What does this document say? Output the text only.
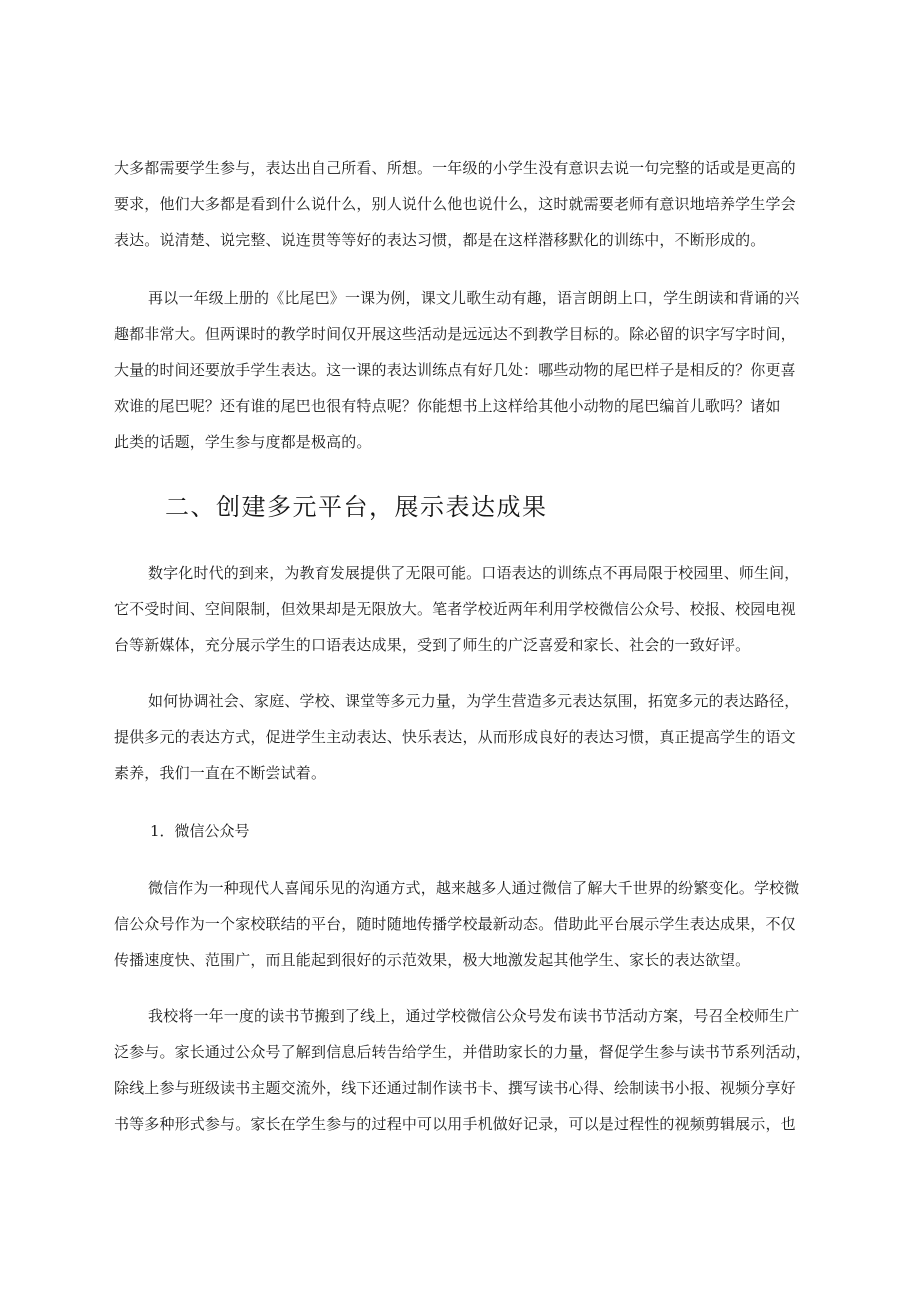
大多都需要学生参与，表达出自己所看、所想。一年级的小学生没有意识去说一句完整的话或是更高的
要求，他们大多都是看到什么说什么，别人说什么他也说什么，这时就需要老师有意识地培养学生学会
表达。说清楚、说完整、说连贯等等好的表达习惯，都是在这样潜移默化的训练中，不断形成的。
再以一年级上册的《比尾巴》一课为例，课文儿歌生动有趣，语言朗朗上口，学生朗读和背诵的兴
趣都非常大。但两课时的教学时间仅开展这些活动是远远达不到教学目标的。除必留的识字写字时间，
大量的时间还要放手学生表达。这一课的表达训练点有好几处：哪些动物的尾巴样子是相反的？你更喜
欢谁的尾巴呢？还有谁的尾巴也很有特点呢？你能想书上这样给其他小动物的尾巴编首儿歌吗？诸如
此类的话题，学生参与度都是极高的。
二、创建多元平台，展示表达成果
数字化时代的到来，为教育发展提供了无限可能。口语表达的训练点不再局限于校园里、师生间，
它不受时间、空间限制，但效果却是无限放大。笔者学校近两年利用学校微信公众号、校报、校园电视
台等新媒体，充分展示学生的口语表达成果，受到了师生的广泛喜爱和家长、社会的一致好评。
如何协调社会、家庭、学校、课堂等多元力量，为学生营造多元表达氛围，拓宽多元的表达路径，
提供多元的表达方式，促进学生主动表达、快乐表达，从而形成良好的表达习惯，真正提高学生的语文
素养，我们一直在不断尝试着。
1．微信公众号
微信作为一种现代人喜闻乐见的沟通方式，越来越多人通过微信了解大千世界的纷繁变化。学校微
信公众号作为一个家校联结的平台，随时随地传播学校最新动态。借助此平台展示学生表达成果，不仅
传播速度快、范围广，而且能起到很好的示范效果，极大地激发起其他学生、家长的表达欲望。
我校将一年一度的读书节搬到了线上，通过学校微信公众号发布读书节活动方案，号召全校师生广
泛参与。家长通过公众号了解到信息后转告给学生，并借助家长的力量，督促学生参与读书节系列活动，
除线上参与班级读书主题交流外，线下还通过制作读书卡、撰写读书心得、绘制读书小报、视频分享好
书等多种形式参与。家长在学生参与的过程中可以用手机做好记录，可以是过程性的视频剪辑展示，也
